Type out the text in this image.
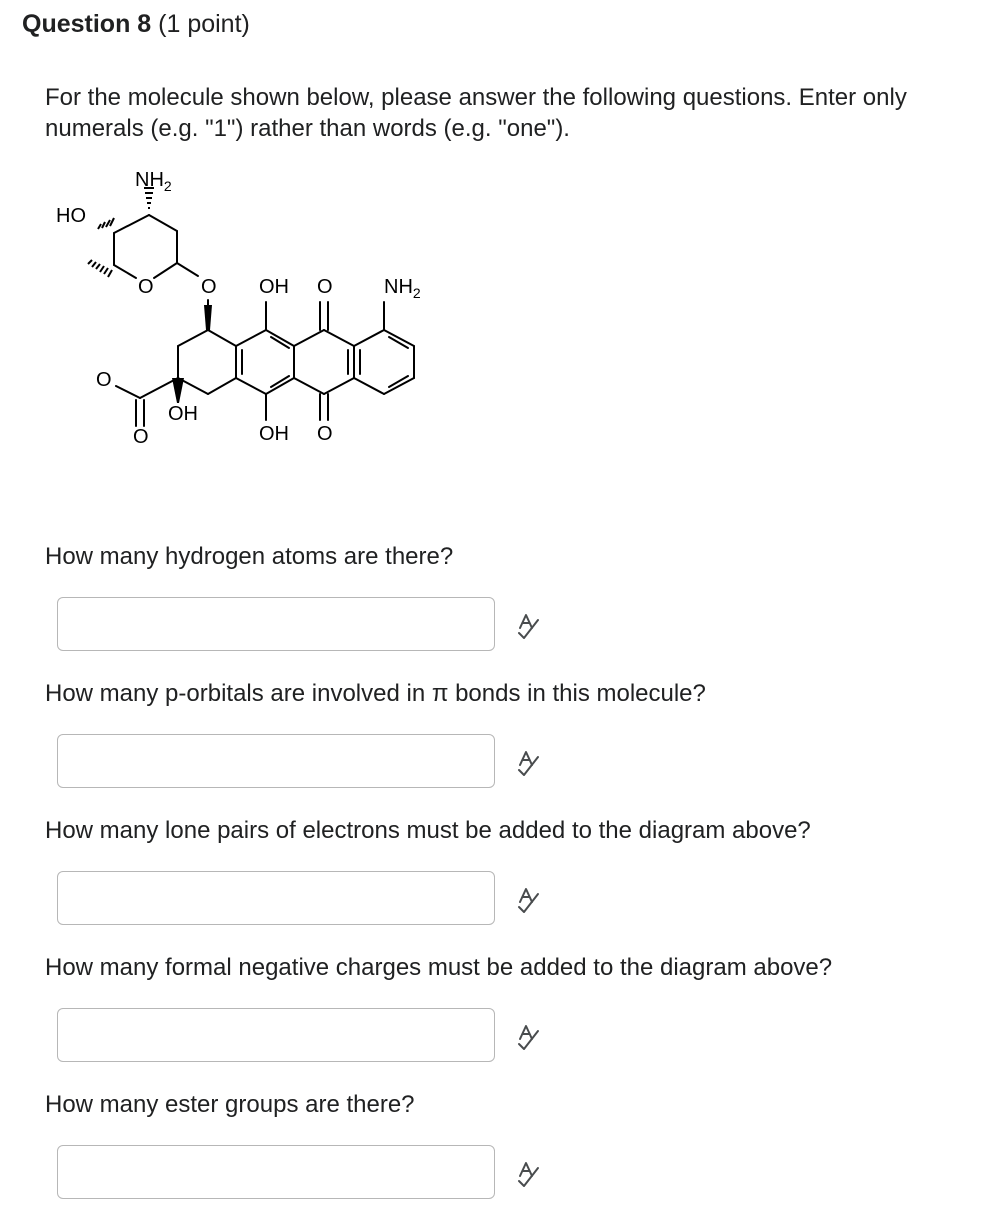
Question 8 (1 point)
For the molecule shown below, please answer the following questions. Enter only numerals (e.g. "1") rather than words (e.g. "one").
$NH_2$
HO
O O OH O	$NH_2$
O
O
OH
OH O
How many hydrogen atoms are there?
How many p-orbitals are involved in π bonds in this molecule?
How many lone pairs of electrons must be added to the diagram above?
How many formal negative charges must be added to the diagram above?
How many ester groups are there?
